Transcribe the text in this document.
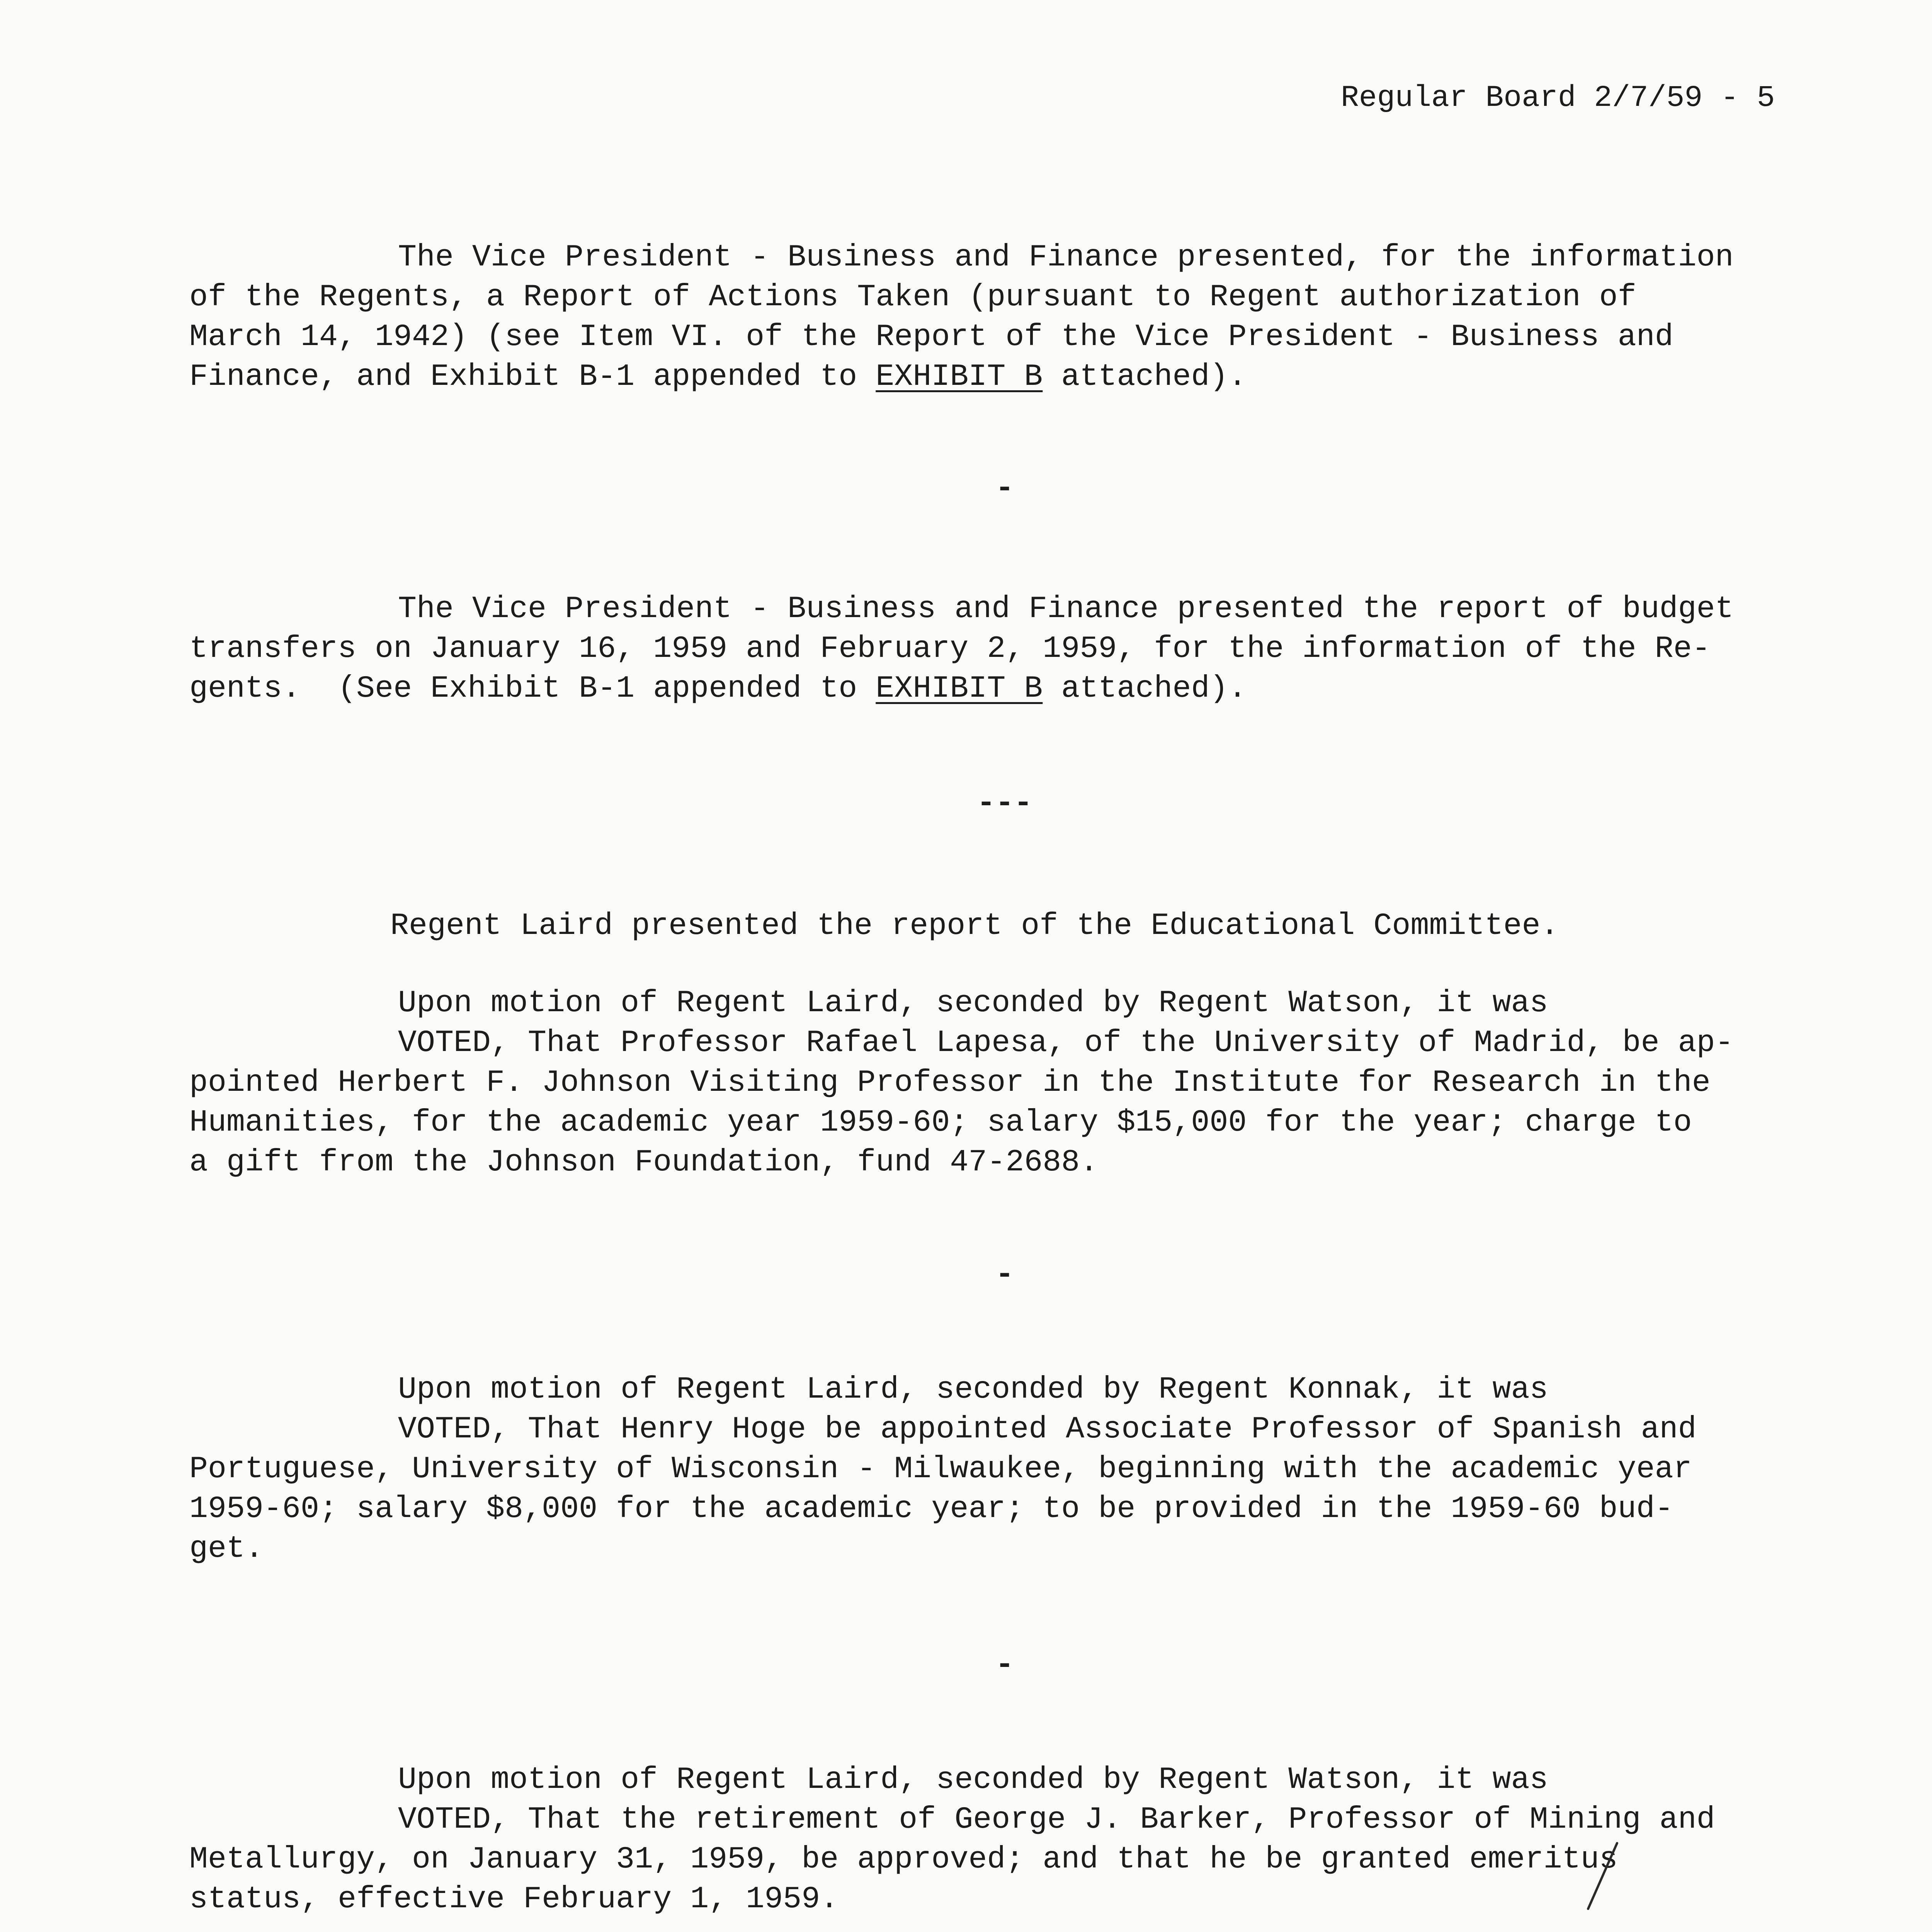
Regular Board 2/7/59 - 5

The Vice President - Business and Finance presented, for the information
of the Regents, a Report of Actions Taken (pursuant to Regent authorization of
March 14, 1942) (see Item VI. of the Report of the Vice President - Business and
Finance, and Exhibit B-1 appended to EXHIBIT B attached).

-

The Vice President - Business and Finance presented the report of budget
transfers on January 16, 1959 and February 2, 1959, for the information of the Re-
gents.  (See Exhibit B-1 appended to EXHIBIT B attached).

---

Regent Laird presented the report of the Educational Committee.

Upon motion of Regent Laird, seconded by Regent Watson, it was
VOTED, That Professor Rafael Lapesa, of the University of Madrid, be ap-
pointed Herbert F. Johnson Visiting Professor in the Institute for Research in the
Humanities, for the academic year 1959-60; salary $15,000 for the year; charge to
a gift from the Johnson Foundation, fund 47-2688.

-

Upon motion of Regent Laird, seconded by Regent Konnak, it was
VOTED, That Henry Hoge be appointed Associate Professor of Spanish and
Portuguese, University of Wisconsin - Milwaukee, beginning with the academic year
1959-60; salary $8,000 for the academic year; to be provided in the 1959-60 bud-
get.

-

Upon motion of Regent Laird, seconded by Regent Watson, it was
VOTED, That the retirement of George J. Barker, Professor of Mining and
Metallurgy, on January 31, 1959, be approved; and that he be granted emeritus
status, effective February 1, 1959.
